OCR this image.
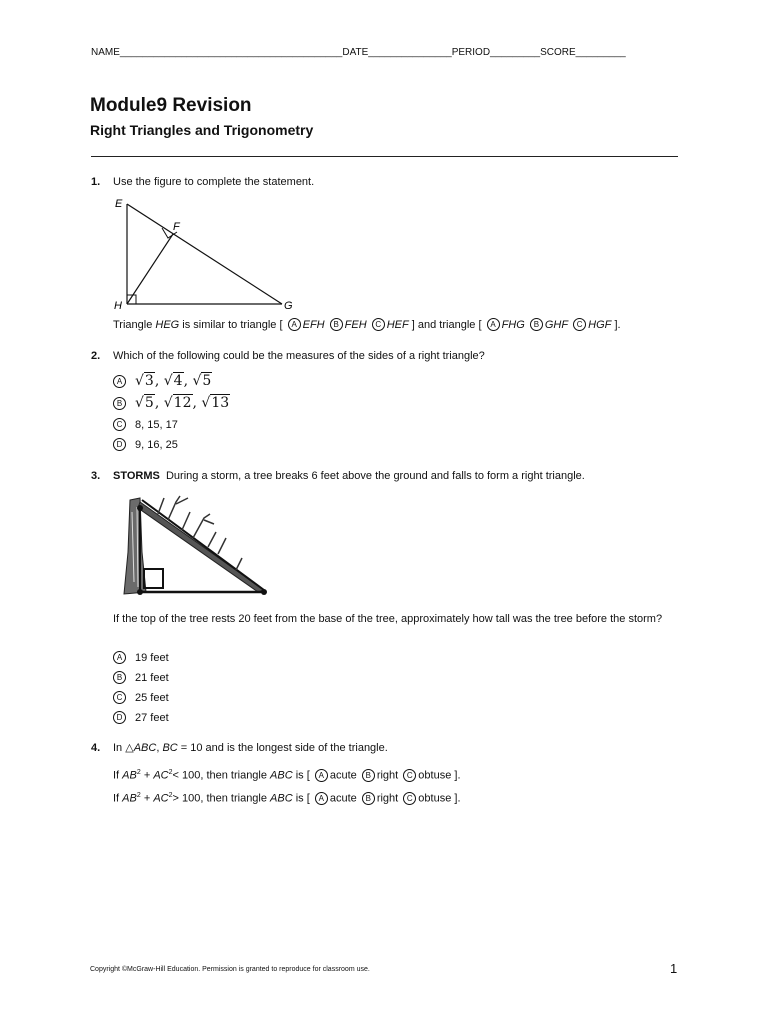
NAME________________________________________DATE_______________PERIOD_________SCORE_________
Module9 Revision
Right Triangles and Trigonometry
1. Use the figure to complete the statement.
E
F
H	G
Triangle HEG is similar to triangle [ A EFH B FEH C HEF ] and triangle [ A FHG B GHF C HGF ].
2. Which of the following could be the measures of the sides of a right triangle?
A √3, √4, √5
B √5, √12, √13
C 8, 15, 17
D 9, 16, 25
3. STORMS During a storm, a tree breaks 6 feet above the ground and falls to form a right triangle.
If the top of the tree rests 20 feet from the base of the tree, approximately how tall was the tree before the storm?
A 19 feet
B 21 feet
C 25 feet
D 27 feet
4. In △ABC, BC = 10 and is the longest side of the triangle.
If $AB^2 + AC^2< 100$, then triangle ABC is [ A acute B right C obtuse ].
If $AB^2 + AC^2> 100$, then triangle ABC is [ A acute B right C obtuse ].
Copyright ©McGraw-Hill Education. Permission is granted to reproduce for classroom use.	1
